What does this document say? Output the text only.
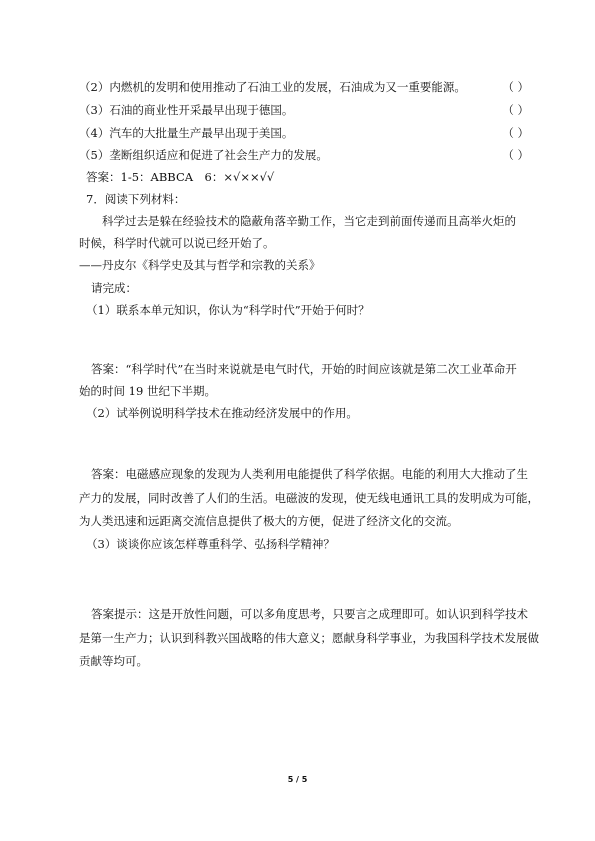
（2）内燃机的发明和使用推动了石油工业的发展，石油成为又一重要能源。	（ ）
（3）石油的商业性开采最早出现于德国。	（ ）
（4）汽车的大批量生产最早出现于美国。	（ ）
（5）垄断组织适应和促进了社会生产力的发展。	（ ）
答案：1-5：ABBCA　6：×√××√√
7．阅读下列材料：
科学过去是躲在经验技术的隐蔽角落辛勤工作，当它走到前面传递而且高举火炬的
时候，科学时代就可以说已经开始了。
——丹皮尔《科学史及其与哲学和宗教的关系》
请完成：
（1）联系本单元知识，你认为“科学时代”开始于何时？
答案：“科学时代”在当时来说就是电气时代，开始的时间应该就是第二次工业革命开
始的时间 19 世纪下半期。
（2）试举例说明科学技术在推动经济发展中的作用。
答案：电磁感应现象的发现为人类利用电能提供了科学依据。电能的利用大大推动了生
产力的发展，同时改善了人们的生活。电磁波的发现，使无线电通讯工具的发明成为可能，
为人类迅速和远距离交流信息提供了极大的方便，促进了经济文化的交流。
（3）谈谈你应该怎样尊重科学、弘扬科学精神？
答案提示：这是开放性问题，可以多角度思考，只要言之成理即可。如认识到科学技术
是第一生产力；认识到科教兴国战略的伟大意义；愿献身科学事业，为我国科学技术发展做
贡献等均可。
5 / 5
